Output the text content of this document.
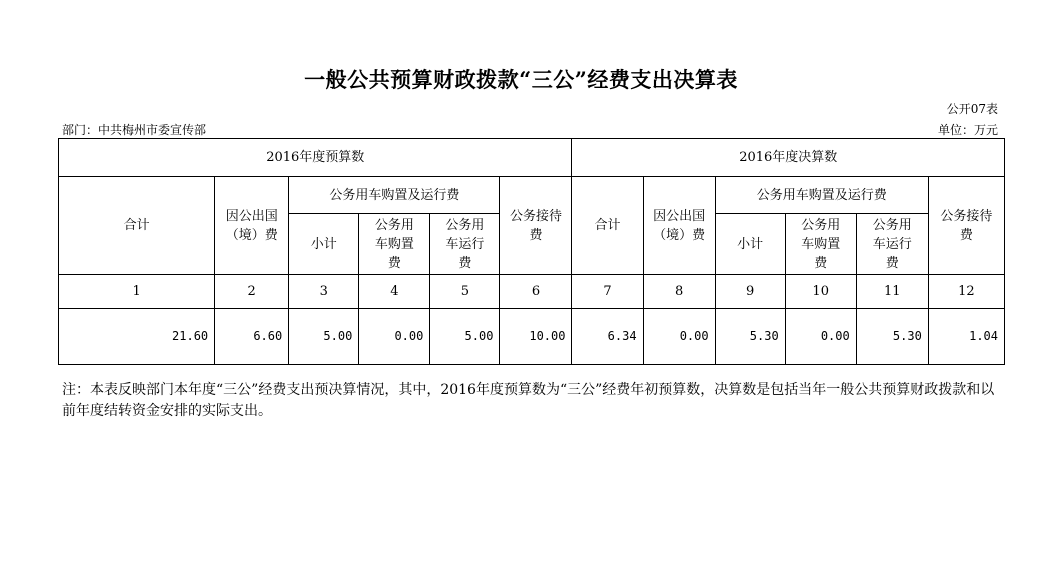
一般公共预算财政拨款“三公”经费支出决算表
公开07表
部门：中共梅州市委宣传部	单位：万元
2016年度预算数						2016年度决算数					
合计	因公出国（境）费	公务用车购置及运行费			公务接待费	合计	因公出国（境）费	公务用车购置及运行费			公务接待费
		小计	公务用车购置费	公务用车运行费				小计	公务用车购置费	公务用车运行费	
1	2	3	4	5	6	7	8	9	10	11	12
21.60	6.60	5.00	0.00	5.00	10.00	6.34	0.00	5.30	0.00	5.30	1.04
注：本表反映部门本年度“三公”经费支出预决算情况，其中，2016年度预算数为“三公”经费年初预算数，决算数是包括当年一般公共预算财政拨款和以前年度结转资金安排的实际支出。
